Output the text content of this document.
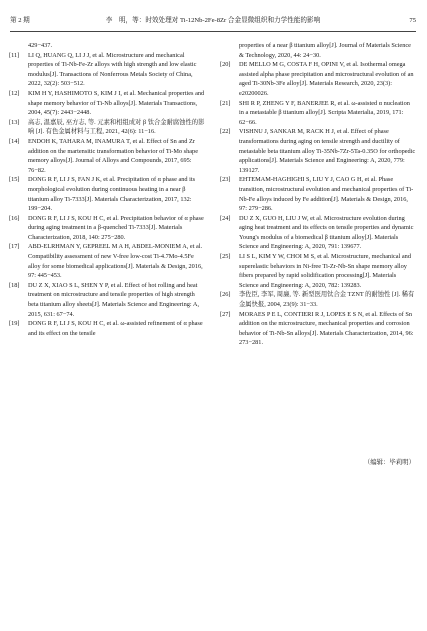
第 2 期	李　明，等：时效处理对 Ti-12Nb-2Fe-8Zr 合金显微组织和力学性能的影响	75
429−437.
[11] LI Q, HUANG Q, LI J J, et al. Microstructure and mechanical properties of Ti-Nb-Fe-Zr alloys with high strength and low elastic modulus[J]. Transactions of Nonferrous Metals Society of China, 2022, 32(2): 503−512.
[12] KIM H Y, HASHIMOTO S, KIM J I, et al. Mechanical properties and shape memory behavior of Ti-Nb alloys[J]. Materials Transactions, 2004, 45(7): 2443−2448.
[13] 高志, 温嘉辰, 巫方志, 等. 元素和相组成对 β 钛合金耐腐蚀性的影响 [J]. 有色金属材料与工程, 2021, 42(6): 11−16.
[14] ENDOH K, TAHARA M, INAMURA T, et al. Effect of Sn and Zr addition on the martensitic transformation behavior of Ti-Mo shape memory alloys[J]. Journal of Alloys and Compounds, 2017, 695: 76−82.
[15] DONG R F, LI J S, FAN J K, et al. Precipitation of α phase and its morphological evolution during continuous heating in a near β titanium alloy Ti-7333[J]. Materials Characterization, 2017, 132: 199−204.
[16] DONG R F, LI J S, KOU H C, et al. Precipitation behavior of α phase during aging treatment in a β-quenched Ti-7333[J]. Materials Characterization, 2018, 140: 275−280.
[17] ABD-ELRHMAN Y, GEPREEL M A H, ABDEL-MONIEM A, et al. Compatibility assessment of new V-free low-cost Ti-4.7Mo-4.5Fe alloy for some biomedical applications[J]. Materials & Design, 2016, 97: 445−453.
[18] DU Z X, XIAO S L, SHEN Y P, et al. Effect of hot rolling and heat treatment on microstructure and tensile properties of high strength beta titanium alloy sheets[J]. Materials Science and Engineering: A, 2015, 631: 67−74.
[19] DONG R F, LI J S, KOU H C, et al. ω-assisted refinement of α phase and its effect on the tensile
properties of a near β titanium alloy[J]. Journal of Materials Science & Technology, 2020, 44: 24−30.
[20] DE MELLO M G, COSTA F H, OPINI V, et al. Isothermal omega assisted alpha phase precipitation and microstructural evolution of an aged Ti-30Nb-3Fe alloy[J]. Materials Research, 2020, 23(3): e20200026.
[21] SHI R P, ZHENG Y F, BANERJEE R, et al. ω-assisted α nucleation in a metastable β titanium alloy[J]. Scripta Materialia, 2019, 171: 62−66.
[22] VISHNU J, SANKAR M, RACK H J, et al. Effect of phase transformations during aging on tensile strength and ductility of metastable beta titanium alloy Ti-35Nb-7Zr-5Ta-0.35O for orthopedic applications[J]. Materials Science and Engineering: A, 2020, 779: 139127.
[23] EHTEMAM-HAGHIGHI S, LIU Y J, CAO G H, et al. Phase transition, microstructural evolution and mechanical properties of Ti-Nb-Fe alloys induced by Fe addition[J]. Materials & Design, 2016, 97: 279−286.
[24] DU Z X, GUO H, LIU J W, et al. Microstructure evolution during aging heat treatment and its effects on tensile properties and dynamic Young's modulus of a biomedical β titanium alloy[J]. Materials Science and Engineering: A, 2020, 791: 139677.
[25] LI S L, KIM Y W, CHOI M S, et al. Microstructure, mechanical and superelastic behaviors in Ni-free Ti-Zr-Nb-Sn shape memory alloy fibers prepared by rapid solidification processing[J]. Materials Science and Engineering: A, 2020, 782: 139283.
[26] 李佐臣, 李军, 周廉, 等. 新型医用钛合金 TZNT 的耐蚀性 [J]. 稀有金属快报, 2004, 23(9): 31−33.
[27] MORAES P E L, CONTIERI R J, LOPES E S N, et al. Effects of Sn addition on the microstructure, mechanical properties and corrosion behavior of Ti-Nb-Sn alloys[J]. Materials Characterization, 2014, 96: 273−281.
（编辑：毕莉明）
